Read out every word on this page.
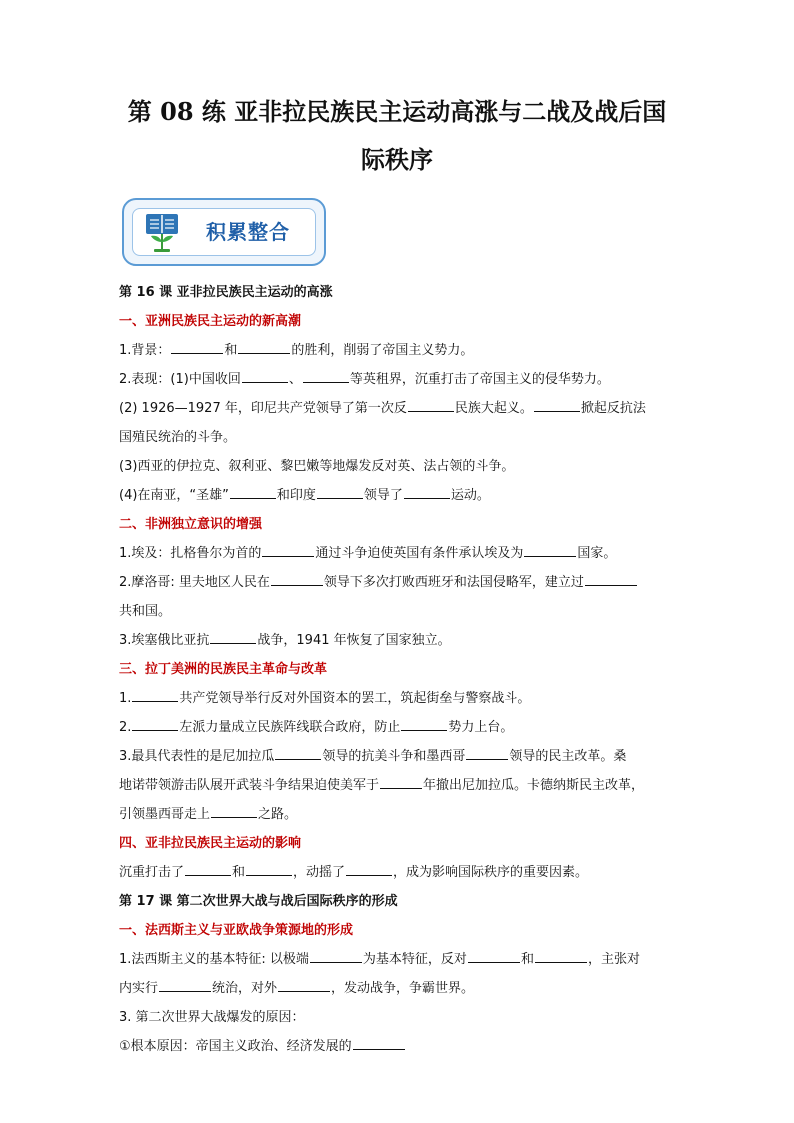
第 08 练 亚非拉民族民主运动高涨与二战及战后国
际秩序
积累整合
第 16 课 亚非拉民族民主运动的高涨
一、亚洲民族民主运动的新高潮
1.背景：	和	的胜利，削弱了帝国主义势力。
2.表现：(1)中国收回	、	等英租界，沉重打击了帝国主义的侵华势力。
(2) 1926—1927 年，印尼共产党领导了第一次反	民族大起义。	掀起反抗法
国殖民统治的斗争。
(3)西亚的伊拉克、叙利亚、黎巴嫩等地爆发反对英、法占领的斗争。
(4)在南亚，“圣雄”	和印度	领导了	运动。
二、非洲独立意识的增强
1.埃及：扎格鲁尔为首的	通过斗争迫使英国有条件承认埃及为	国家。
2.摩洛哥: 里夫地区人民在	领导下多次打败西班牙和法国侵略军，建立过
共和国。
3.埃塞俄比亚抗	战争，1941 年恢复了国家独立。
三、拉丁美洲的民族民主革命与改革
1.	共产党领导举行反对外国资本的罢工，筑起街垒与警察战斗。
2.	左派力量成立民族阵线联合政府，防止	势力上台。
3.最具代表性的是尼加拉瓜	领导的抗美斗争和墨西哥	领导的民主改革。桑
地诺带领游击队展开武装斗争结果迫使美军于	年撤出尼加拉瓜。卡德纳斯民主改革，
引领墨西哥走上	之路。
四、亚非拉民族民主运动的影响
沉重打击了	和	，动摇了	，成为影响国际秩序的重要因素。
第 17 课 第二次世界大战与战后国际秩序的形成
一、法西斯主义与亚欧战争策源地的形成
1.法西斯主义的基本特征: 以极端	为基本特征，反对	和	，主张对
内实行	统治，对外	，发动战争，争霸世界。
3. 第二次世界大战爆发的原因：
①根本原因：帝国主义政治、经济发展的
